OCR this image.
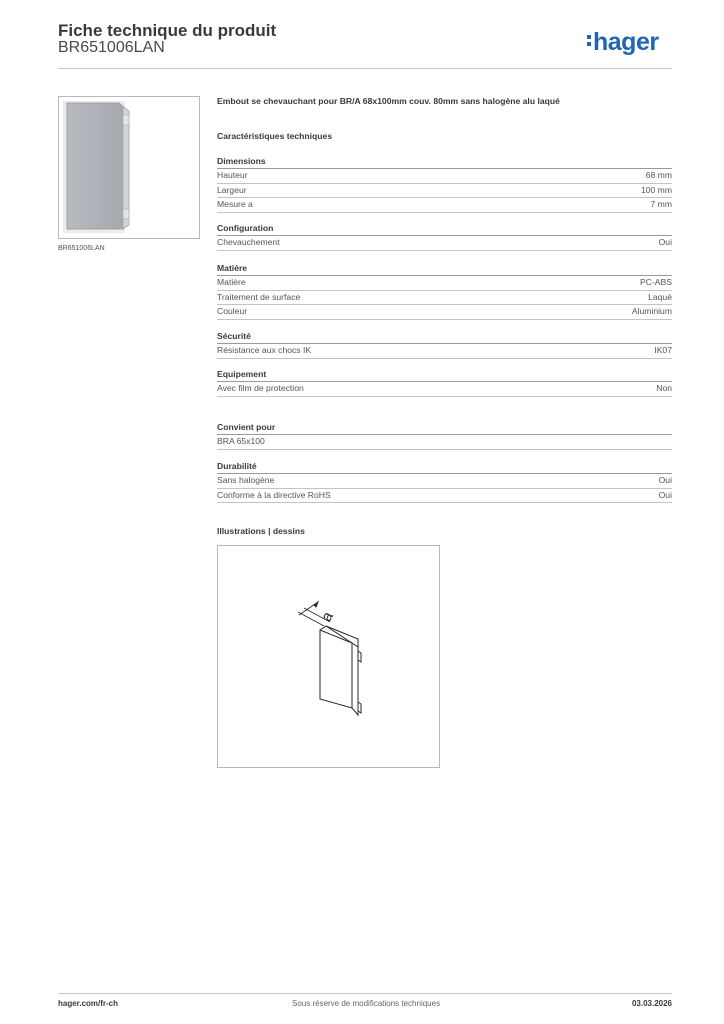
Fiche technique du produit
BR651006LAN	hager
BR651006LAN
Embout se chevauchant pour BR/A 68x100mm couv. 80mm sans halogène alu laqué
Caractéristiques techniques
Dimensions
Hauteur	68 mm
Largeur	100 mm
Mesure a	7 mm
Configuration
Chevauchement	Oui
Matière
Matière	PC-ABS
Traitement de surface	Laqué
Couleur	Aluminium
Sécurité
Résistance aux chocs IK	IK07
Equipement
Avec film de protection	Non
Convient pour
BRA 65x100
Durabilité
Sans halogène	Oui
Conforme à la directive RoHS	Oui
Illustrations | dessins
a
hager.com/fr-ch	Sous réserve de modifications techniques	03.03.2026
